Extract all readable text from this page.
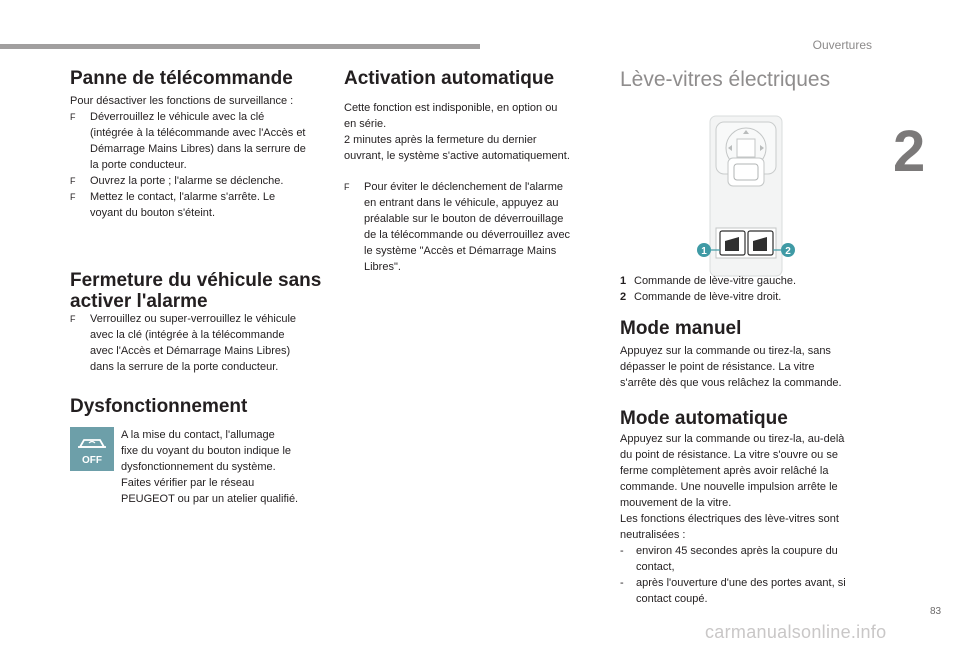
Ouvertures
2
Panne de télécommande

Pour désactiver les fonctions de surveillance :

F	Déverrouillez le véhicule avec la clé
(intégrée à la télécommande avec l'Accès et
Démarrage Mains Libres) dans la serrure de
la porte conducteur.
F	Ouvrez la porte ; l'alarme se déclenche.
F	Mettez le contact, l'alarme s'arrête. Le
voyant du bouton s'éteint.
Fermeture du véhicule sans
activer l'alarme
F	Verrouillez ou super-verrouillez le véhicule
avec la clé (intégrée à la télécommande
avec l'Accès et Démarrage Mains Libres)
dans la serrure de la porte conducteur.
Dysfonctionnement
OFF

A la mise du contact, l'allumage
fixe du voyant du bouton indique le
dysfonctionnement du système.
Faites vérifier par le réseau
PEUGEOT ou par un atelier qualifié.

Activation automatique

Cette fonction est indisponible, en option ou
en série.
2 minutes après la fermeture du dernier
ouvrant, le système s'active automatiquement.

F	Pour éviter le déclenchement de l'alarme
en entrant dans le véhicule, appuyez au
préalable sur le bouton de déverrouillage
de la télécommande ou déverrouillez avec
le système "Accès et Démarrage Mains
Libres".
Lève-vitres électriques
1	2
1 Commande de lève-vitre gauche.
2 Commande de lève-vitre droit.
Mode manuel

Appuyez sur la commande ou tirez-la, sans
dépasser le point de résistance. La vitre
s'arrête dès que vous relâchez la commande.

Mode automatique

Appuyez sur la commande ou tirez-la, au-delà
du point de résistance. La vitre s'ouvre ou se
ferme complètement après avoir relâché la
commande. Une nouvelle impulsion arrête le
mouvement de la vitre.
Les fonctions électriques des lève-vitres sont
neutralisées :

- environ 45 secondes après la coupure du
contact,
- après l'ouverture d'une des portes avant, si
contact coupé.
83
carmanualsonline.info
